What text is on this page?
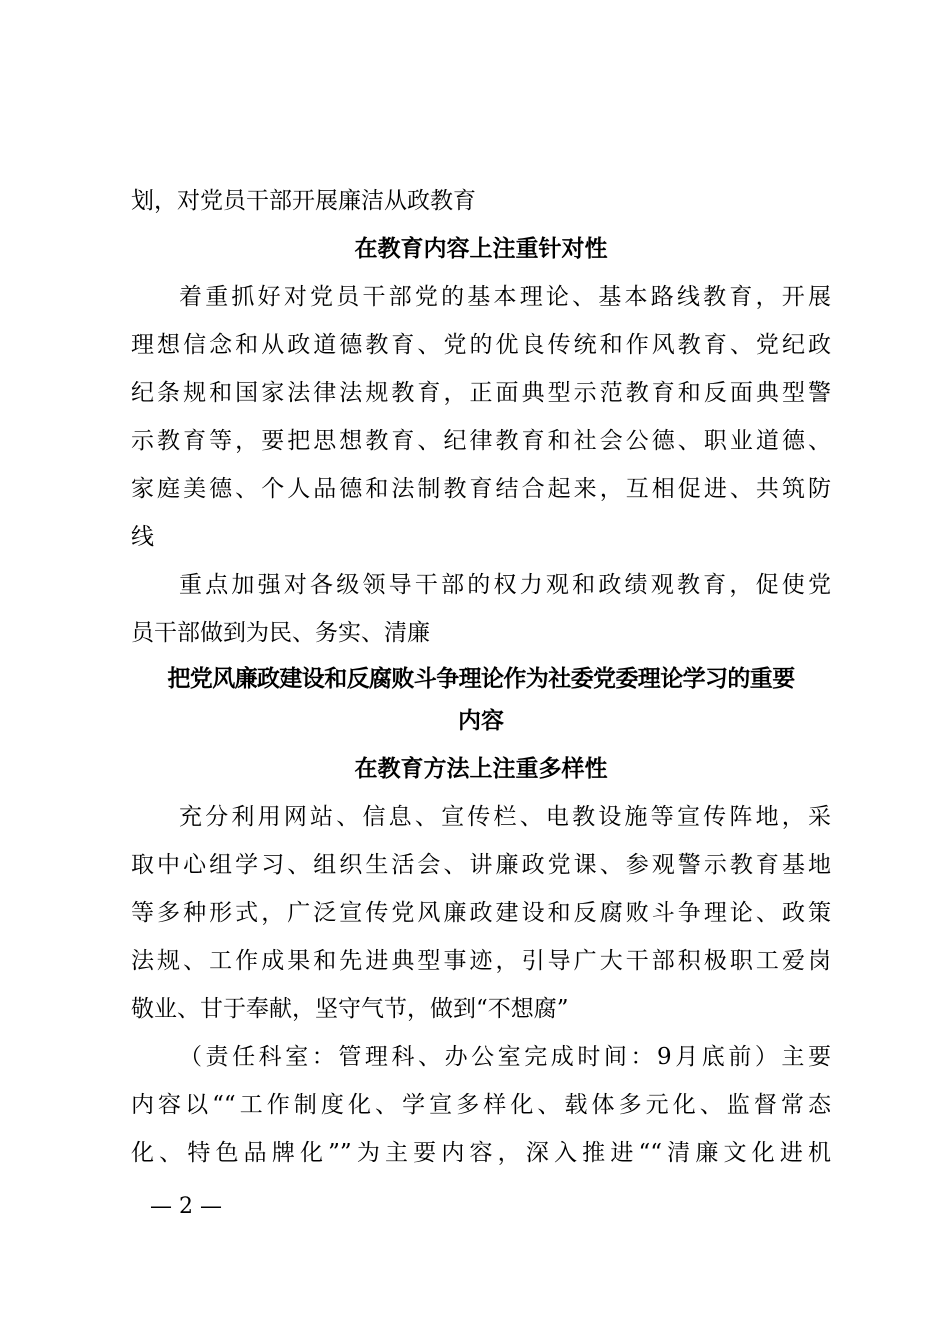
划，对党员干部开展廉洁从政教育
在教育内容上注重针对性
着重抓好对党员干部党的基本理论、基本路线教育，开展
理想信念和从政道德教育、党的优良传统和作风教育、党纪政
纪条规和国家法律法规教育，正面典型示范教育和反面典型警
示教育等，要把思想教育、纪律教育和社会公德、职业道德、
家庭美德、个人品德和法制教育结合起来，互相促进、共筑防
线
重点加强对各级领导干部的权力观和政绩观教育，促使党
员干部做到为民、务实、清廉
把党风廉政建设和反腐败斗争理论作为社委党委理论学习的重要
内容
在教育方法上注重多样性
充分利用网站、信息、宣传栏、电教设施等宣传阵地，采
取中心组学习、组织生活会、讲廉政党课、参观警示教育基地
等多种形式，广泛宣传党风廉政建设和反腐败斗争理论、政策
法规、工作成果和先进典型事迹，引导广大干部积极职工爱岗
敬业、甘于奉献，坚守气节，做到“不想腐”
（责任科室：管理科、办公室完成时间：9月底前）主要
内容以““工作制度化、学宣多样化、载体多元化、监督常态
化、特色品牌化””为主要内容，深入推进““清廉文化进机
— 2 —
